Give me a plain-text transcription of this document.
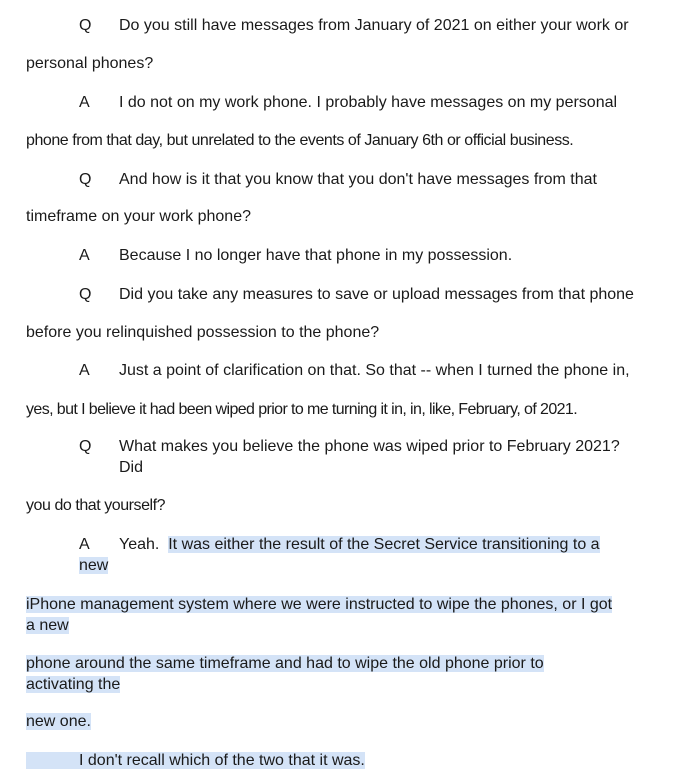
Q Do you still have messages from January of 2021 on either your work or
personal phones?
A I do not on my work phone. I probably have messages on my personal
phone from that day, but unrelated to the events of January 6th or official business.
Q And how is it that you know that you don't have messages from that
timeframe on your work phone?
A Because I no longer have that phone in my possession.
Q Did you take any measures to save or upload messages from that phone
before you relinquished possession to the phone?
A Just a point of clarification on that. So that -- when I turned the phone in,
yes, but I believe it had been wiped prior to me turning it in, in, like, February, of 2021.
Q What makes you believe the phone was wiped prior to February 2021?
Did
you do that yourself?
A Yeah. It was either the result of the Secret Service transitioning to a
new
iPhone management system where we were instructed to wipe the phones, or I got
a new
phone around the same timeframe and had to wipe the old phone prior to
activating the
new one.
I don't recall which of the two that it was.
